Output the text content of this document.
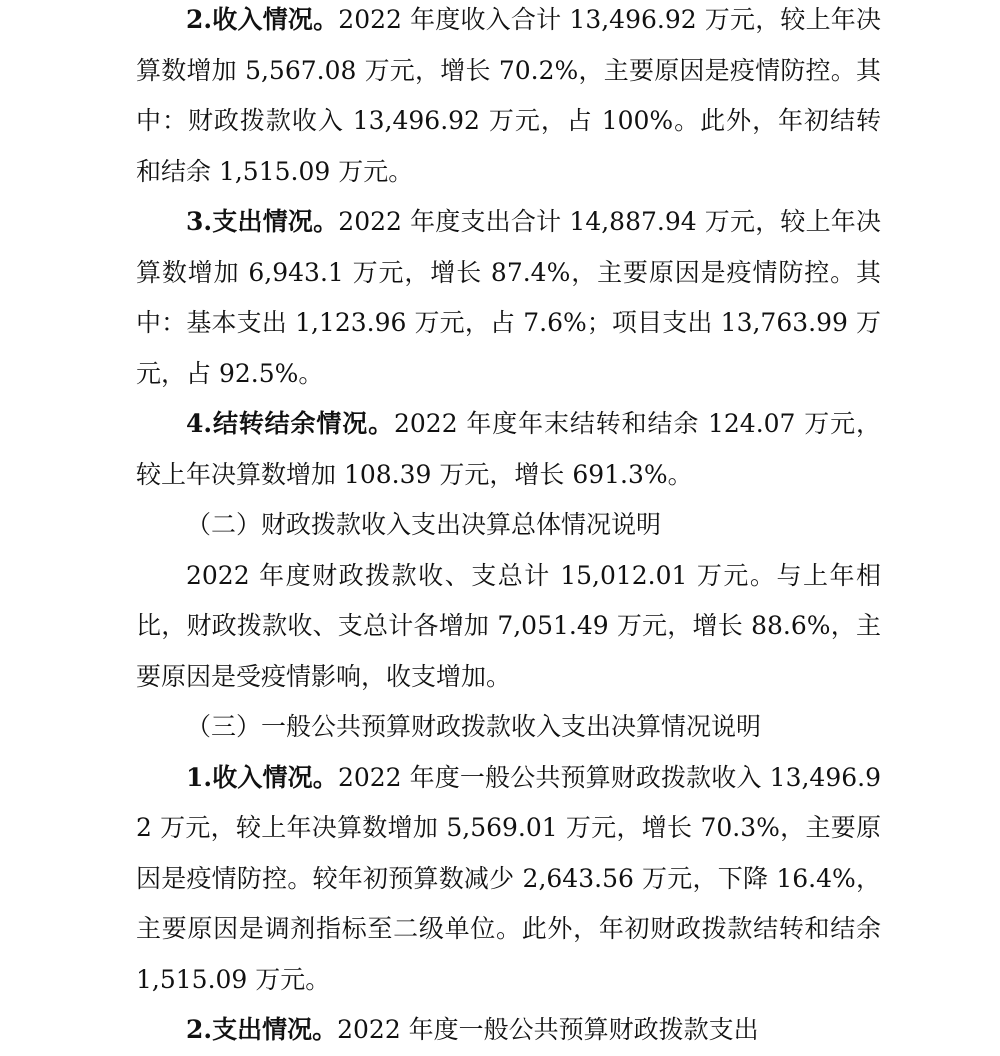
2.收入情况。2022 年度收入合计 13,496.92 万元，较上年决算数增加 5,567.08 万元，增长 70.2%，主要原因是疫情防控。其中：财政拨款收入 13,496.92 万元，占 100%。此外，年初结转和结余 1,515.09 万元。

3.支出情况。2022 年度支出合计 14,887.94 万元，较上年决算数增加 6,943.1 万元，增长 87.4%，主要原因是疫情防控。其中：基本支出 1,123.96 万元，占 7.6%；项目支出 13,763.99 万元，占 92.5%。

4.结转结余情况。2022 年度年末结转和结余 124.07 万元，较上年决算数增加 108.39 万元，增长 691.3%。

（二）财政拨款收入支出决算总体情况说明

2022 年度财政拨款收、支总计 15,012.01 万元。与上年相比，财政拨款收、支总计各增加 7,051.49 万元，增长 88.6%，主要原因是受疫情影响，收支增加。

（三）一般公共预算财政拨款收入支出决算情况说明

1.收入情况。2022 年度一般公共预算财政拨款收入 13,496.92 万元，较上年决算数增加 5,569.01 万元，增长 70.3%，主要原因是疫情防控。较年初预算数减少 2,643.56 万元，下降 16.4%，主要原因是调剂指标至二级单位。此外，年初财政拨款结转和结余 1,515.09 万元。

2.支出情况。2022 年度一般公共预算财政拨款支出
